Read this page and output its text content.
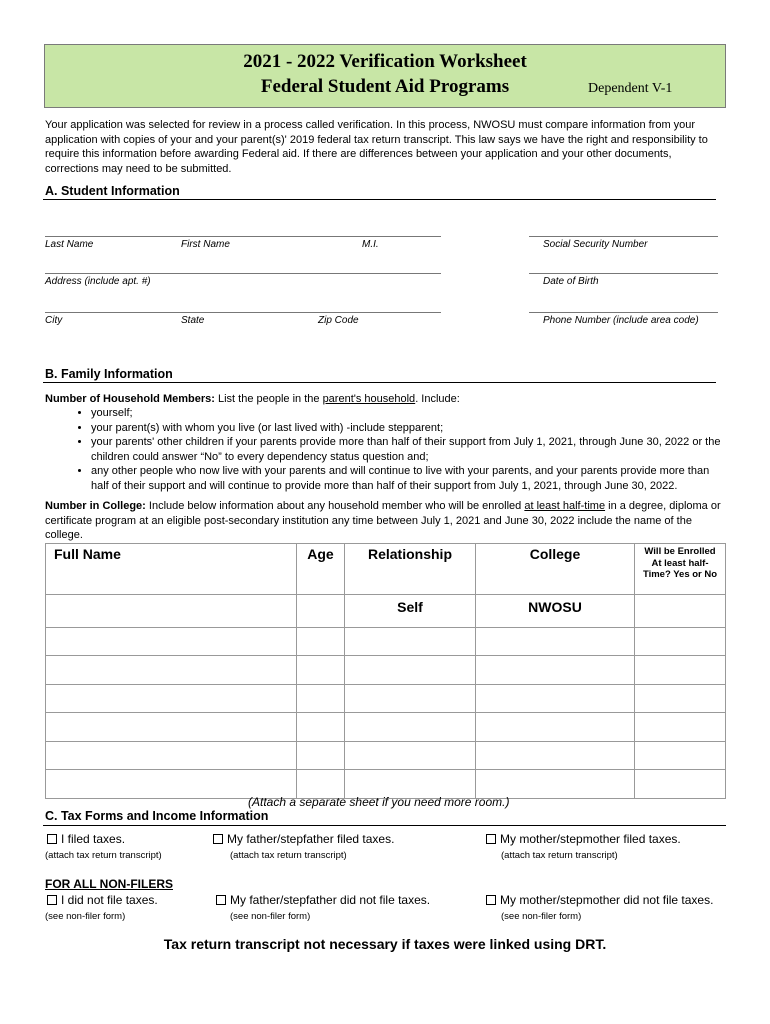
2021 - 2022 Verification Worksheet
Federal Student Aid Programs	Dependent V-1
Your application was selected for review in a process called verification. In this process, NWOSU must compare information from your application with copies of your and your parent(s)' 2019 federal tax return transcript. This law says we have the right and responsibility to require this information before awarding Federal aid. If there are differences between your application and your other documents, corrections may need to be submitted.
A. Student Information
Last Name	First Name	M.I.	Social Security Number
Address (include apt. #)	Date of Birth
City	State	Zip Code	Phone Number (include area code)
B. Family Information
Number of Household Members: List the people in the parent's household. Include:
• yourself;
• your parent(s) with whom you live (or last lived with) -include stepparent;
• your parents' other children if your parents provide more than half of their support from July 1, 2021, through June 30, 2022 or the children could answer “No” to every dependency status question and;
• any other people who now live with your parents and will continue to live with your parents, and your parents provide more than half of their support and will continue to provide more than half of their support from July 1, 2021, through June 30, 2022.
Number in College: Include below information about any household member who will be enrolled at least half-time in a degree, diploma or certificate program at an eligible post-secondary institution any time between July 1, 2021 and June 30, 2022 include the name of the college.
Full Name	Age	Relationship	College	Will be Enrolled At least half-Time? Yes or No
		Self	NWOSU	

(Attach a separate sheet if you need more room.)
C. Tax Forms and Income Information
I filed taxes.
(attach tax return transcript)
My father/stepfather filed taxes.
(attach tax return transcript)
My mother/stepmother filed taxes.
(attach tax return transcript)
FOR ALL NON-FILERS
I did not file taxes.
(see non-filer form)
My father/stepfather did not file taxes.
(see non-filer form)
My mother/stepmother did not file taxes.
(see non-filer form)
Tax return transcript not necessary if taxes were linked using DRT.
